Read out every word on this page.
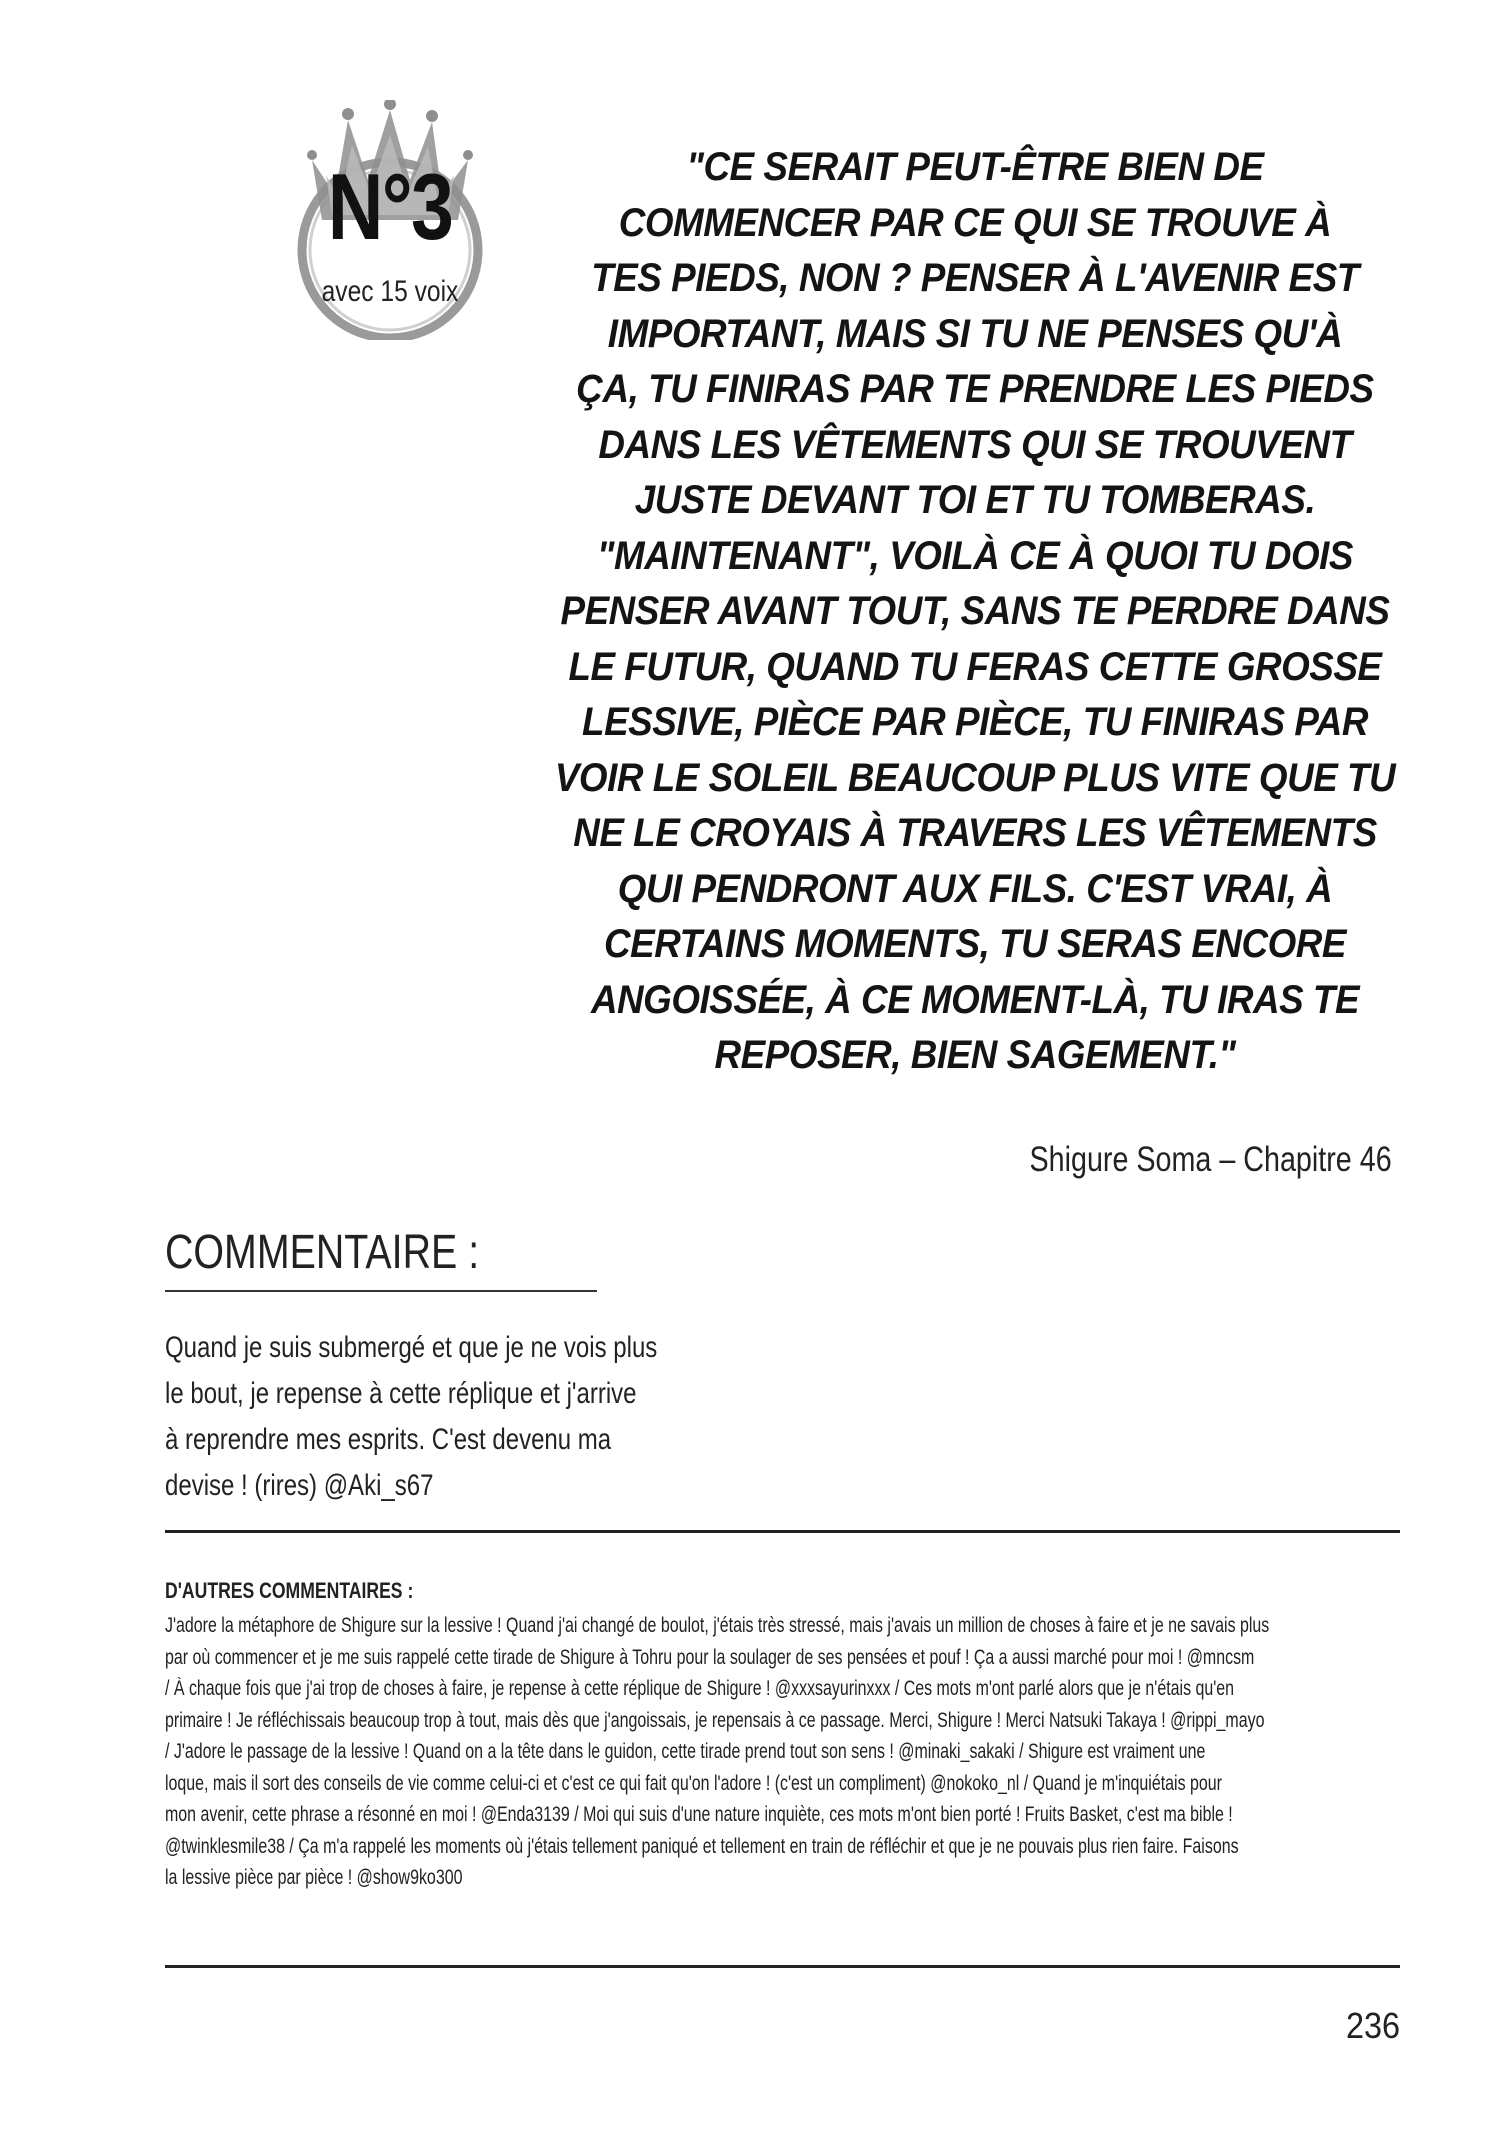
N°3
avec 15 voix
"CE SERAIT PEUT-ÊTRE BIEN DE
COMMENCER PAR CE QUI SE TROUVE À
TES PIEDS, NON ? PENSER À L'AVENIR EST
IMPORTANT, MAIS SI TU NE PENSES QU'À
ÇA, TU FINIRAS PAR TE PRENDRE LES PIEDS
DANS LES VÊTEMENTS QUI SE TROUVENT
JUSTE DEVANT TOI ET TU TOMBERAS.
"MAINTENANT", VOILÀ CE À QUOI TU DOIS
PENSER AVANT TOUT, SANS TE PERDRE DANS
LE FUTUR, QUAND TU FERAS CETTE GROSSE
LESSIVE, PIÈCE PAR PIÈCE, TU FINIRAS PAR
VOIR LE SOLEIL BEAUCOUP PLUS VITE QUE TU
NE LE CROYAIS À TRAVERS LES VÊTEMENTS
QUI PENDRONT AUX FILS. C'EST VRAI, À
CERTAINS MOMENTS, TU SERAS ENCORE
ANGOISSÉE, À CE MOMENT-LÀ, TU IRAS TE
REPOSER, BIEN SAGEMENT."
Shigure Soma – Chapitre 46
COMMENTAIRE :
Quand je suis submergé et que je ne vois plus
le bout, je repense à cette réplique et j'arrive
à reprendre mes esprits. C'est devenu ma
devise ! (rires) @Aki_s67
D'AUTRES COMMENTAIRES :
J'adore la métaphore de Shigure sur la lessive ! Quand j'ai changé de boulot, j'étais très stressé, mais j'avais un million de choses à faire et je ne savais plus
par où commencer et je me suis rappelé cette tirade de Shigure à Tohru pour la soulager de ses pensées et pouf ! Ça a aussi marché pour moi ! @mncsm
/ À chaque fois que j'ai trop de choses à faire, je repense à cette réplique de Shigure ! @xxxsayurinxxx / Ces mots m'ont parlé alors que je n'étais qu'en
primaire ! Je réfléchissais beaucoup trop à tout, mais dès que j'angoissais, je repensais à ce passage. Merci, Shigure ! Merci Natsuki Takaya ! @rippi_mayo
/ J'adore le passage de la lessive ! Quand on a la tête dans le guidon, cette tirade prend tout son sens ! @minaki_sakaki / Shigure est vraiment une
loque, mais il sort des conseils de vie comme celui-ci et c'est ce qui fait qu'on l'adore ! (c'est un compliment) @nokoko_nl / Quand je m'inquiétais pour
mon avenir, cette phrase a résonné en moi ! @Enda3139 / Moi qui suis d'une nature inquiète, ces mots m'ont bien porté ! Fruits Basket, c'est ma bible !
@twinklesmile38 / Ça m'a rappelé les moments où j'étais tellement paniqué et tellement en train de réfléchir et que je ne pouvais plus rien faire. Faisons
la lessive pièce par pièce ! @show9ko300
236
